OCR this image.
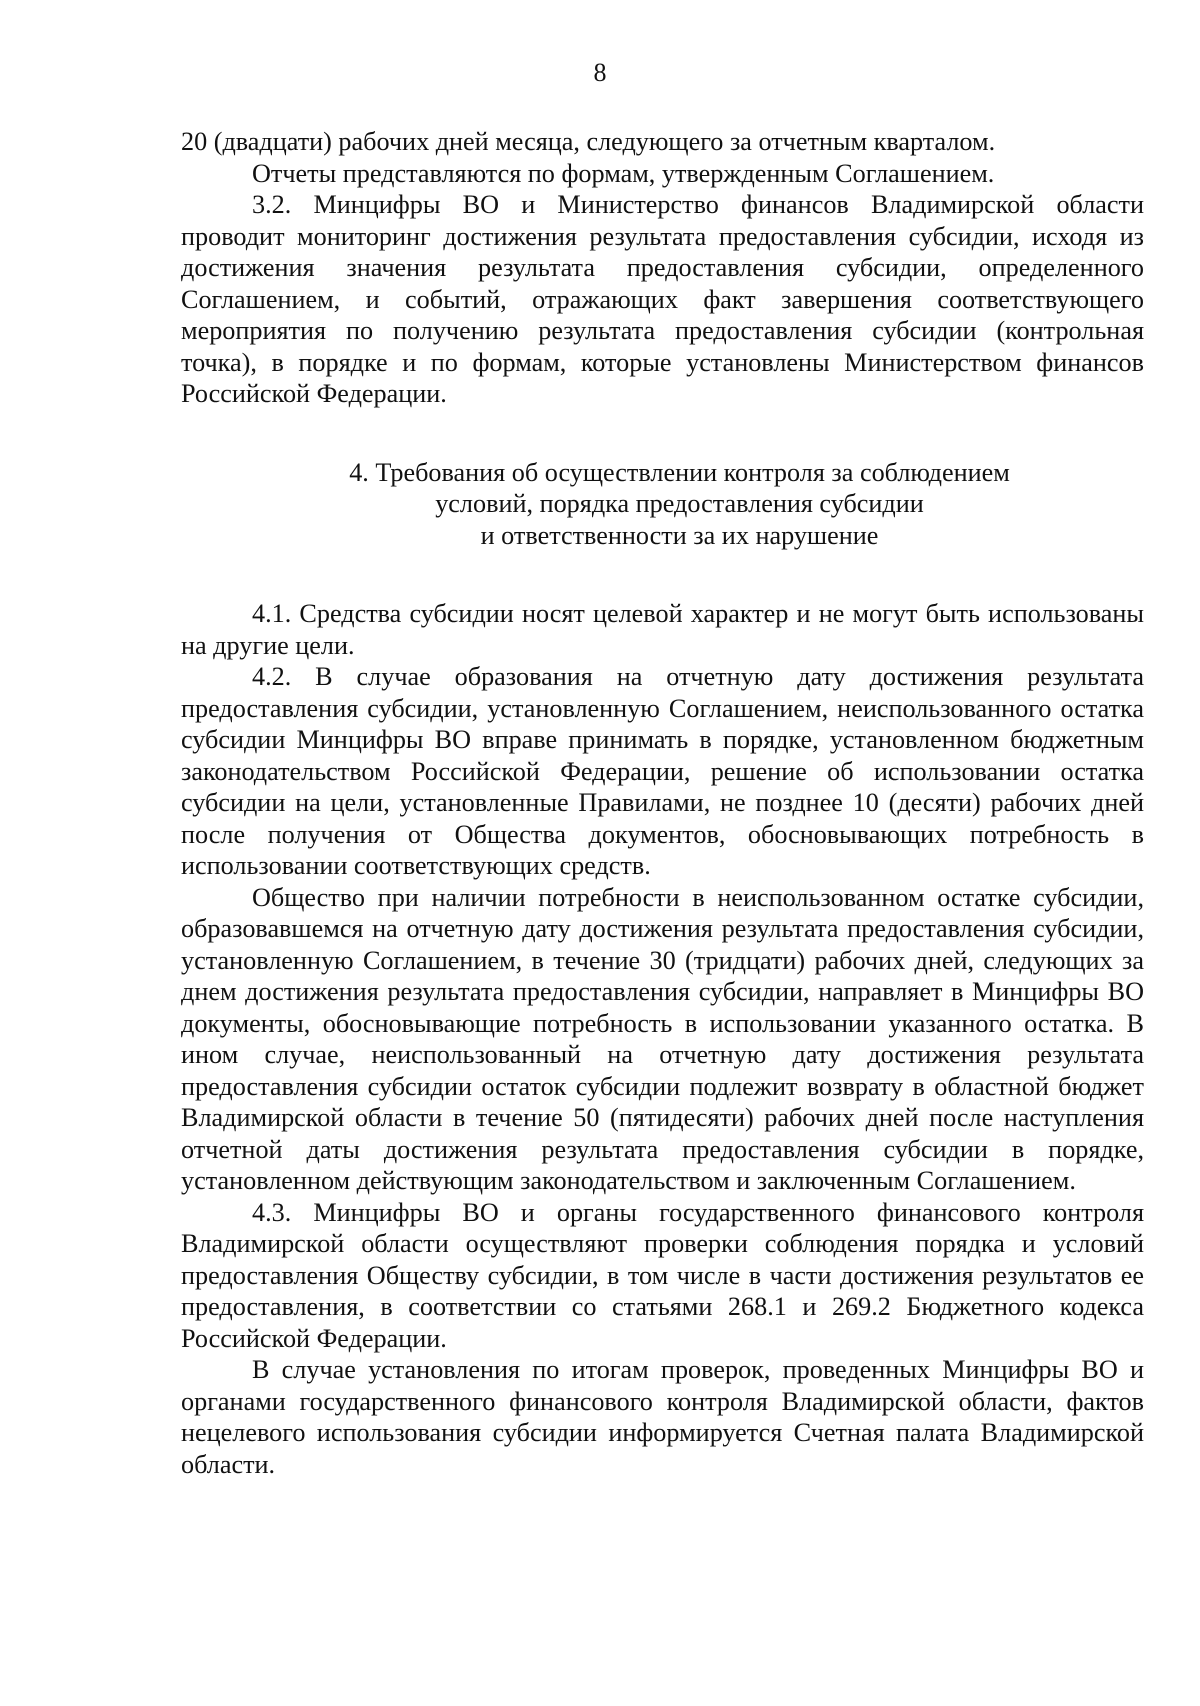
8

20 (двадцати) рабочих дней месяца, следующего за отчетным кварталом.

Отчеты представляются по формам, утвержденным Соглашением.

3.2. Минцифры ВО и Министерство финансов Владимирской области проводит мониторинг достижения результата предоставления субсидии, исходя из достижения значения результата предоставления субсидии, определенного Соглашением, и событий, отражающих факт завершения соответствующего мероприятия по получению результата предоставления субсидии (контрольная точка), в порядке и по формам, которые установлены Министерством финансов Российской Федерации.

4. Требования об осуществлении контроля за соблюдением
условий, порядка предоставления субсидии
и ответственности за их нарушение

4.1. Средства субсидии носят целевой характер и не могут быть использованы на другие цели.

4.2. В случае образования на отчетную дату достижения результата предоставления субсидии, установленную Соглашением, неиспользованного остатка субсидии Минцифры ВО вправе принимать в порядке, установленном бюджетным законодательством Российской Федерации, решение об использовании остатка субсидии на цели, установленные Правилами, не позднее 10 (десяти) рабочих дней после получения от Общества документов, обосновывающих потребность в использовании соответствующих средств.

Общество при наличии потребности в неиспользованном остатке субсидии, образовавшемся на отчетную дату достижения результата предоставления субсидии, установленную Соглашением, в течение 30 (тридцати) рабочих дней, следующих за днем достижения результата предоставления субсидии, направляет в Минцифры ВО документы, обосновывающие потребность в использовании указанного остатка. В ином случае, неиспользованный на отчетную дату достижения результата предоставления субсидии остаток субсидии подлежит возврату в областной бюджет Владимирской области в течение 50 (пятидесяти) рабочих дней после наступления отчетной даты достижения результата предоставления субсидии в порядке, установленном действующим законодательством и заключенным Соглашением.

4.3. Минцифры ВО и органы государственного финансового контроля Владимирской области осуществляют проверки соблюдения порядка и условий предоставления Обществу субсидии, в том числе в части достижения результатов ее предоставления, в соответствии со статьями 268.1 и 269.2 Бюджетного кодекса Российской Федерации.

В случае установления по итогам проверок, проведенных Минцифры ВО и органами государственного финансового контроля Владимирской области, фактов нецелевого использования субсидии информируется Счетная палата Владимирской области.
